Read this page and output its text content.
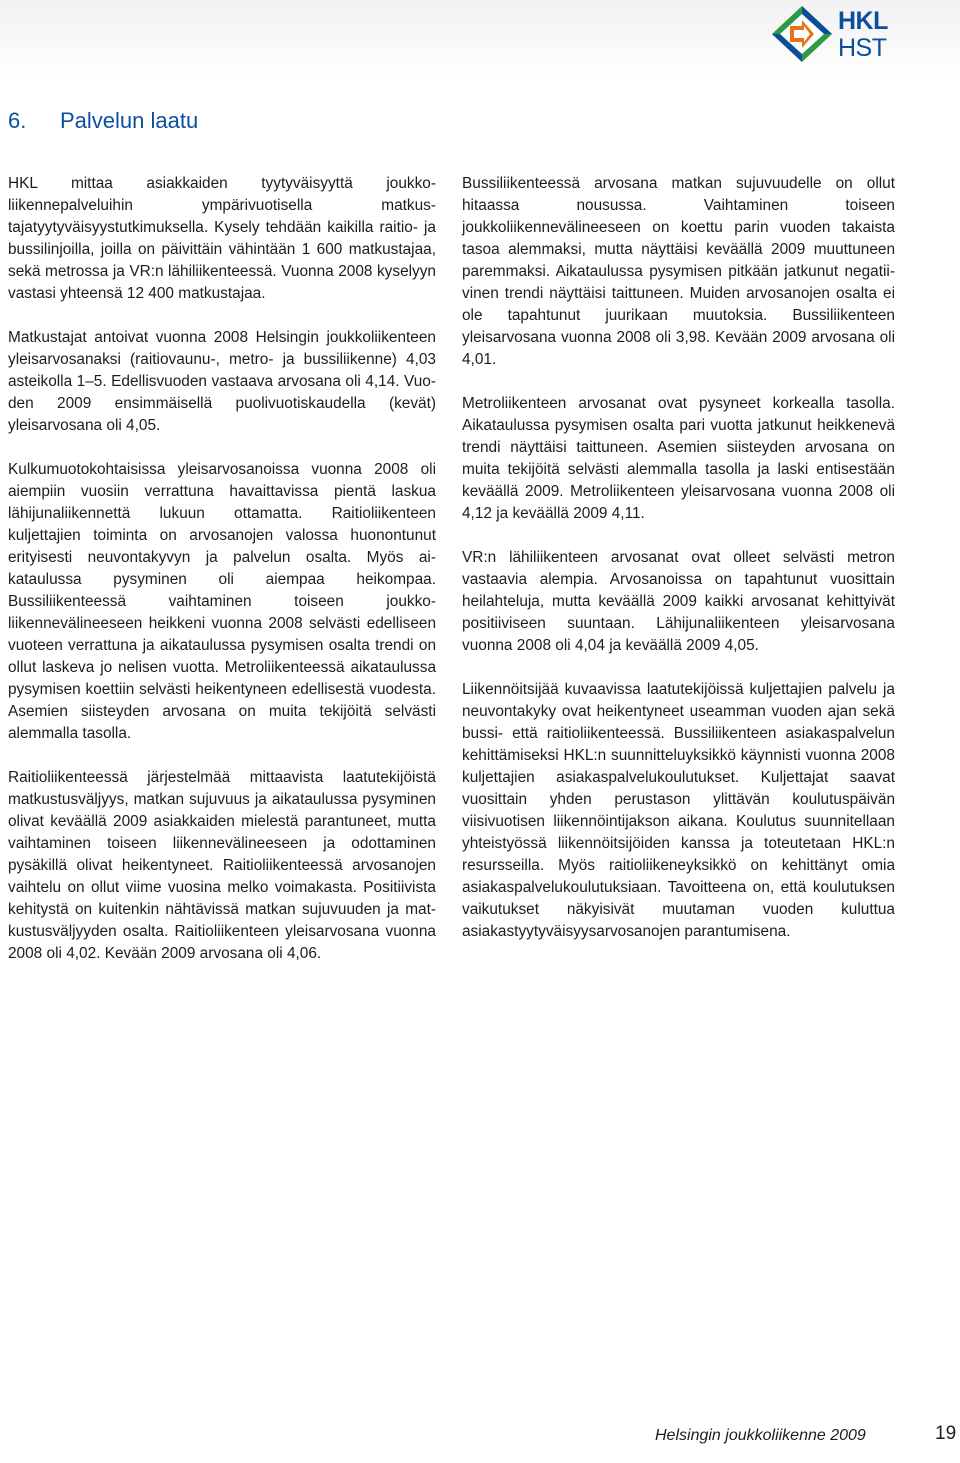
HKL
HST
6. Palvelun laatu

HKL mittaa asiakkaiden tyytyväisyyttä joukkoliikennepalveluihin ympärivuotisella matkustajatyytyväisyystutkimuksella. Kysely tehdään kaikilla raitio- ja bussilinjoilla, joilla on päivittäin vähintään 1 600 matkustajaa, sekä metrossa ja VR:n lähiliikenteessä. Vuonna 2008 kyselyyn vastasi yhteensä 12 400 matkustajaa.

Matkustajat antoivat vuonna 2008 Helsingin joukkoliikenteen yleisarvosanaksi (raitiovaunu-, metro- ja bussiliikenne) 4,03 asteikolla 1–5. Edellisvuoden vastaava arvosana oli 4,14. Vuoden 2009 ensimmäisellä puolivuotiskaudella (kevät) yleisarvosana oli 4,05.

Kulkumuotokohtaisissa yleisarvosanoissa vuonna 2008 oli aiempiin vuosiin verrattuna havaittavissa pientä laskua lähijunaliikennettä lukuun ottamatta. Raitioliikenteen kuljettajien toiminta on arvosanojen valossa huonontunut erityisesti neuvontakyvyn ja palvelun osalta. Myös aikataulussa pysyminen oli aiempaa heikompaa. Bussiliikenteessä vaihtaminen toiseen joukkoliikennevälineeseen heikkeni vuonna 2008 selvästi edelliseen vuoteen verrattuna ja aikataulussa pysymisen osalta trendi on ollut laskeva jo nelisen vuotta. Metroliikenteessä aikataulussa pysymisen koettiin selvästi heikentyneen edellisestä vuodesta. Asemien siisteyden arvosana on muita tekijöitä selvästi alemmalla tasolla.

Raitioliikenteessä järjestelmää mittaavista laatutekijöistä matkustusväljyys, matkan sujuvuus ja aikataulussa pysyminen olivat keväällä 2009 asiakkaiden mielestä parantuneet, mutta vaihtaminen toiseen liikennevälineeseen ja odottaminen pysäkillä olivat heikentyneet. Raitioliikenteessä arvosanojen vaihtelu on ollut viime vuosina melko voimakasta. Positiivista kehitystä on kuitenkin nähtävissä matkan sujuvuuden ja matkustusväljyyden osalta. Raitioliikenteen yleisarvosana vuonna 2008 oli 4,02. Kevään 2009 arvosana oli 4,06.

Bussiliikenteessä arvosana matkan sujuvuudelle on ollut hitaassa nousussa. Vaihtaminen toiseen joukkoliikennevälineeseen on koettu parin vuoden takaista tasoa alemmaksi, mutta näyttäisi keväällä 2009 muuttuneen paremmaksi. Aikataulussa pysymisen pitkään jatkunut negatiivinen trendi näyttäisi taittuneen. Muiden arvosanojen osalta ei ole tapahtunut juurikaan muutoksia. Bussiliikenteen yleisarvosana vuonna 2008 oli 3,98. Kevään 2009 arvosana oli 4,01.

Metroliikenteen arvosanat ovat pysyneet korkealla tasolla. Aikataulussa pysymisen osalta pari vuotta jatkunut heikkenevä trendi näyttäisi taittuneen. Asemien siisteyden arvosana on muita tekijöitä selvästi alemmalla tasolla ja laski entisestään keväällä 2009. Metroliikenteen yleisarvosana vuonna 2008 oli 4,12 ja keväällä 2009 4,11.

VR:n lähiliikenteen arvosanat ovat olleet selvästi metron vastaavia alempia. Arvosanoissa on tapahtunut vuosittain heilahteluja, mutta keväällä 2009 kaikki arvosanat kehittyivät positiiviseen suuntaan. Lähijunaliikenteen yleisarvosana vuonna 2008 oli 4,04 ja keväällä 2009 4,05.

Liikennöitsijää kuvaavissa laatutekijöissä kuljettajien palvelu ja neuvontakyky ovat heikentyneet useamman vuoden ajan sekä bussi- että raitioliikenteessä. Bussiliikenteen asiakaspalvelun kehittämiseksi HKL:n suunnitteluyksikkö käynnisti vuonna 2008 kuljettajien asiakaspalvelukoulutukset. Kuljettajat saavat vuosittain yhden perustason ylittävän koulutuspäivän viisivuotisen liikennöintijakson aikana. Koulutus suunnitellaan yhteistyössä liikennöitsijöiden kanssa ja toteutetaan HKL:n resursseilla. Myös raitioliikeneyksikkö on kehittänyt omia asiakaspalvelukoulutuksiaan. Tavoitteena on, että koulutuksen vaikutukset näkyisivät muutaman vuoden kuluttua asiakastyytyväisyysarvosanojen parantumisena.

Helsingin joukkoliikenne 2009	19
